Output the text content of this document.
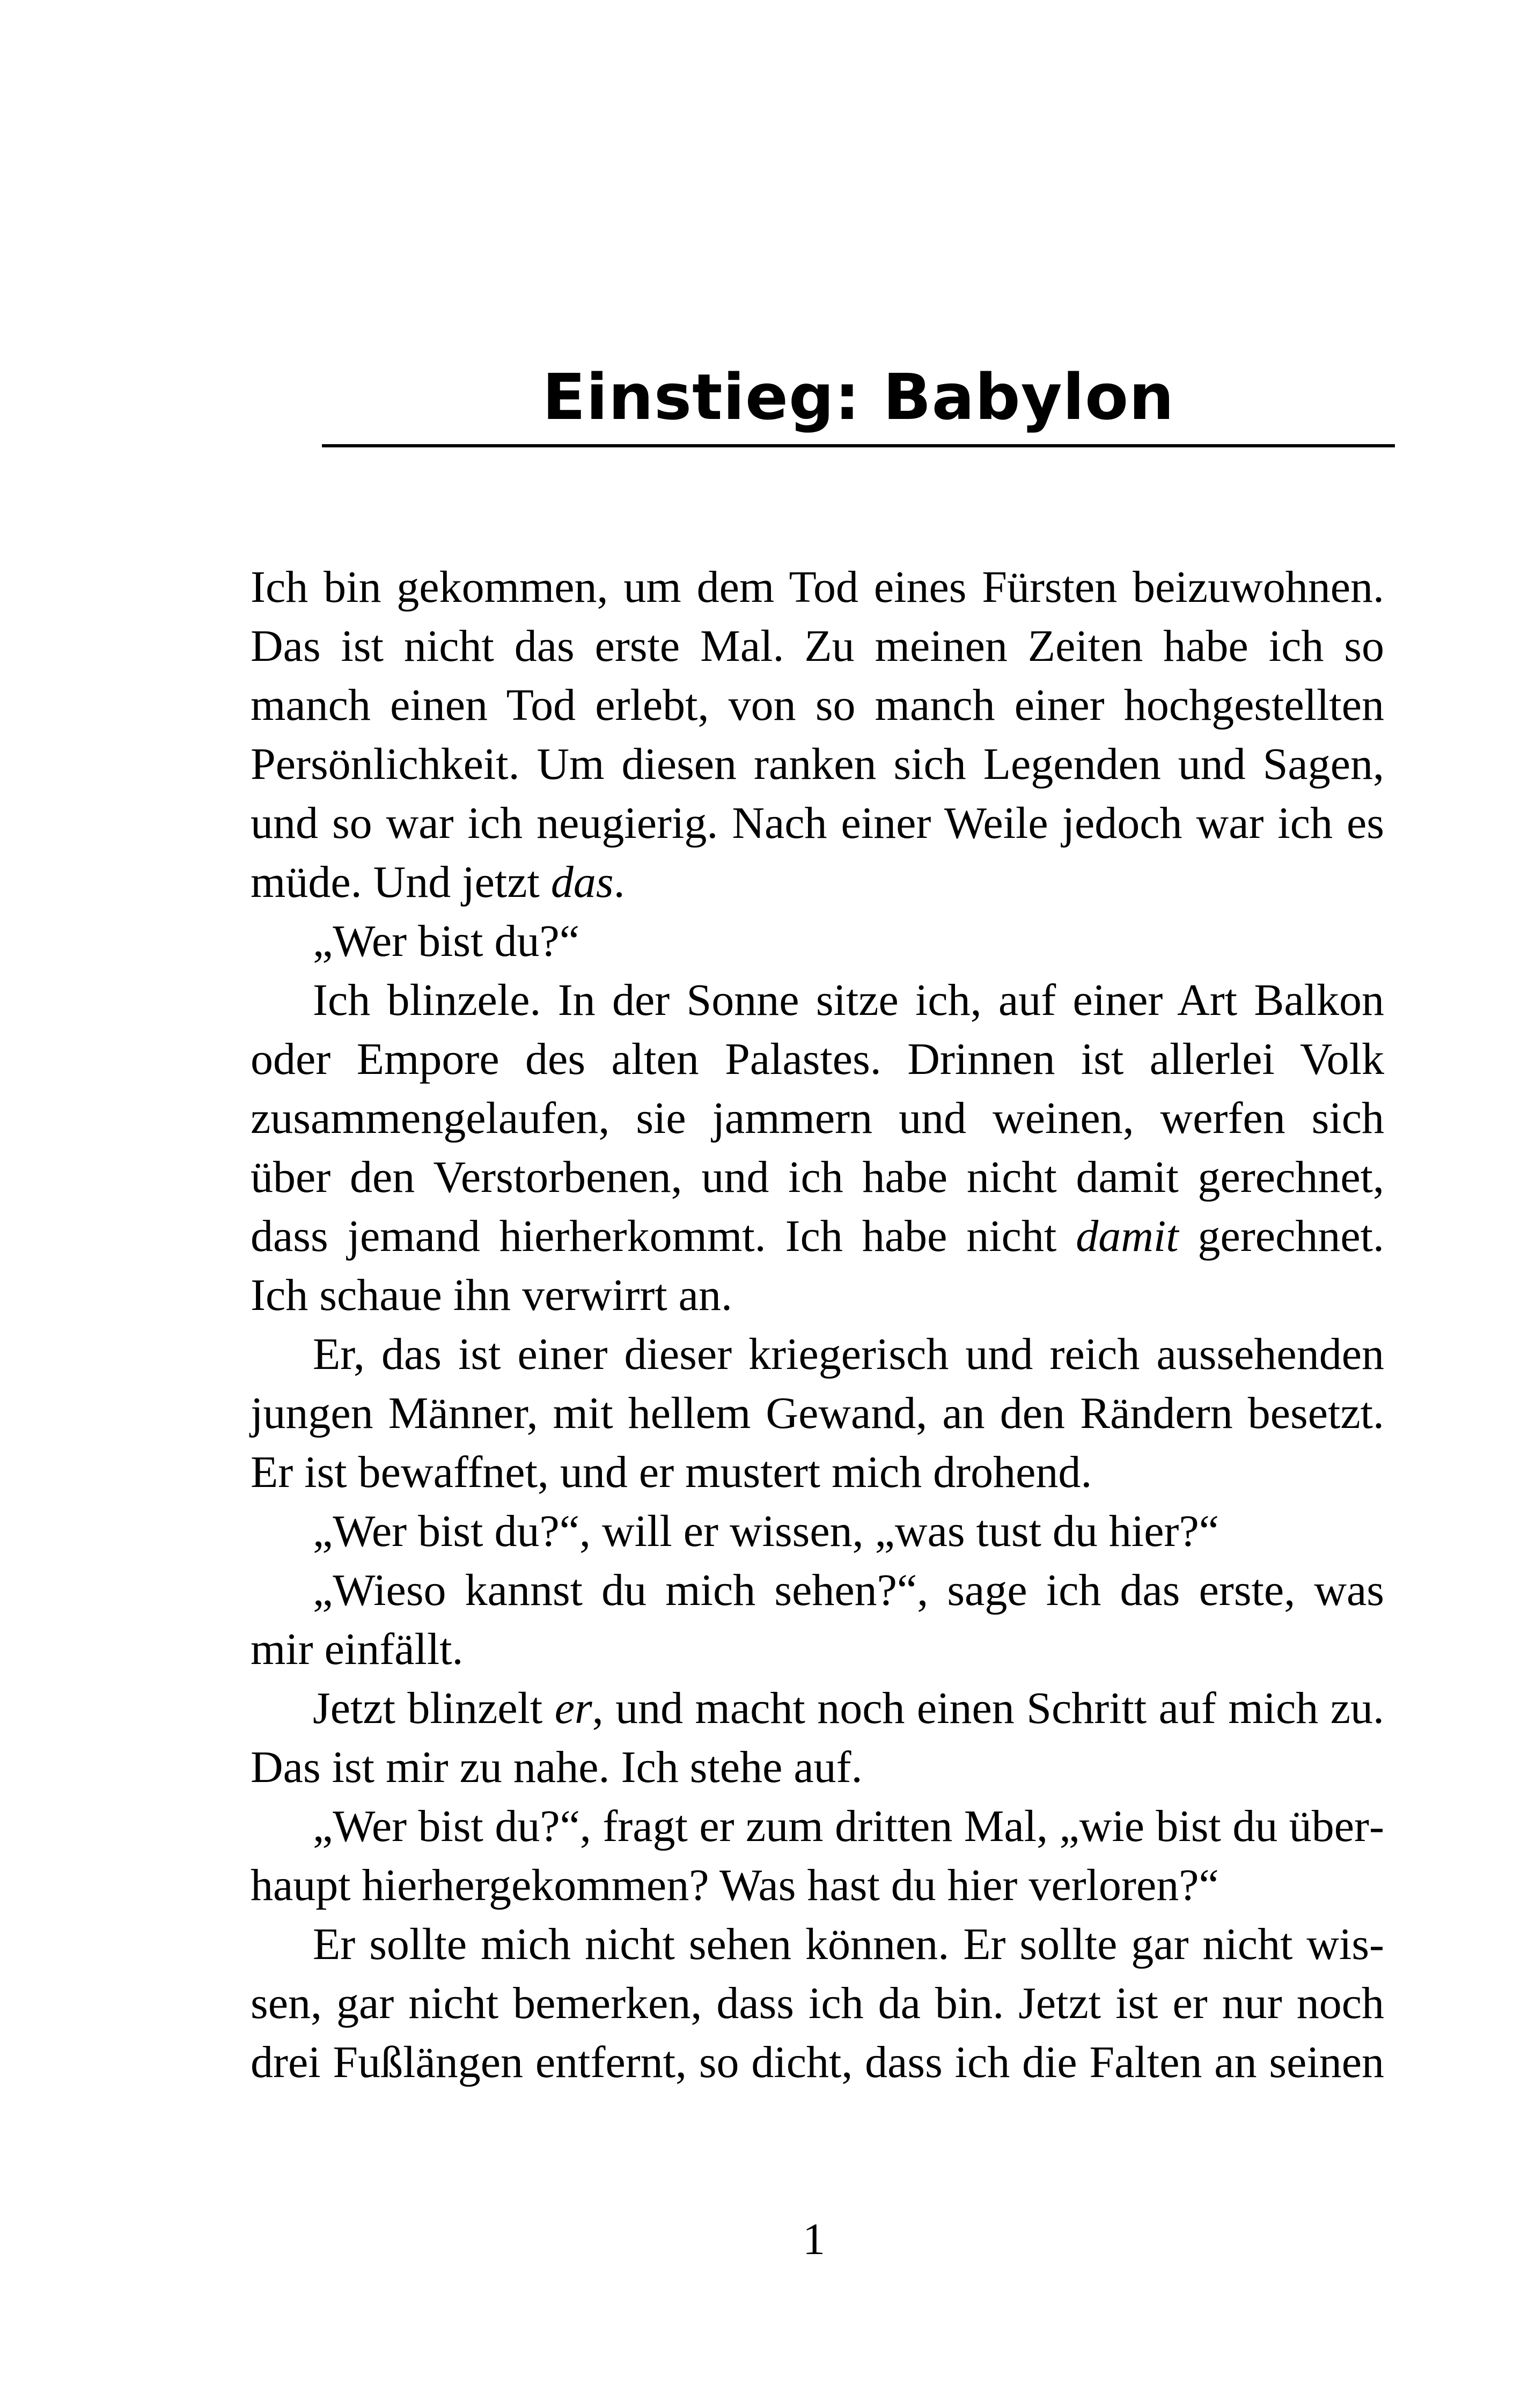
Einstieg: Babylon

Ich bin gekommen, um dem Tod eines Fürsten beizuwohnen. Das ist nicht das erste Mal. Zu meinen Zeiten habe ich so manch einen Tod erlebt, von so manch einer hochgestellten Persönlichkeit. Um diesen ranken sich Legenden und Sagen, und so war ich neugierig. Nach einer Weile jedoch war ich es müde. Und jetzt das.

„Wer bist du?“

Ich blinzele. In der Sonne sitze ich, auf einer Art Balkon oder Empore des alten Palastes. Drinnen ist allerlei Volk zusammengelaufen, sie jammern und weinen, werfen sich über den Verstorbenen, und ich habe nicht damit gerechnet, dass jemand hierherkommt. Ich habe nicht damit gerechnet. Ich schaue ihn verwirrt an.

Er, das ist einer dieser kriegerisch und reich aussehenden jungen Männer, mit hellem Gewand, an den Rändern besetzt. Er ist bewaffnet, und er mustert mich drohend.

„Wer bist du?“, will er wissen, „was tust du hier?“

„Wieso kannst du mich sehen?“, sage ich das erste, was mir einfällt.

Jetzt blinzelt er, und macht noch einen Schritt auf mich zu. Das ist mir zu nahe. Ich stehe auf.

„Wer bist du?“, fragt er zum dritten Mal, „wie bist du überhaupt hierhergekommen? Was hast du hier verloren?“

Er sollte mich nicht sehen können. Er sollte gar nicht wissen, gar nicht bemerken, dass ich da bin. Jetzt ist er nur noch drei Fußlängen entfernt, so dicht, dass ich die Falten an seinen

1
